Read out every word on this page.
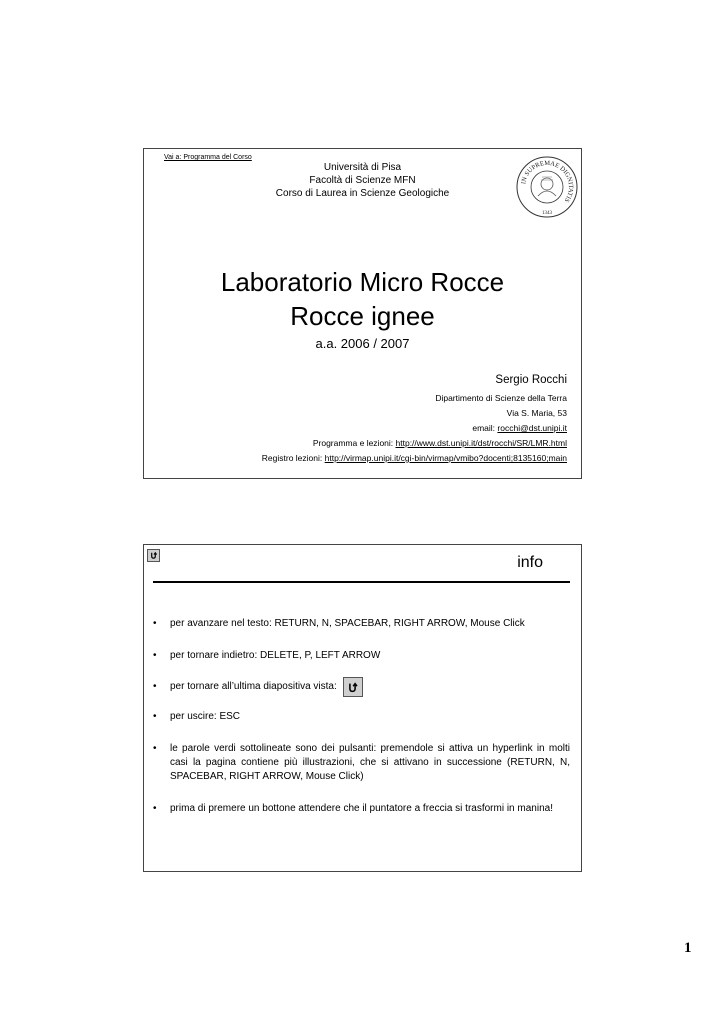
Vai a: Programma del Corso
Università di Pisa
Facoltà di Scienze MFN
Corso di Laurea in Scienze Geologiche
IN SUPREMAE DIGNITATIS
1343
Laboratorio Micro Rocce
Rocce ignee
a.a. 2006 / 2007
Sergio Rocchi
Dipartimento di Scienze della Terra
Via S. Maria, 53
email: rocchi@dst.unipi.it
Programma e lezioni: http://www.dst.unipi.it/dst/rocchi/SR/LMR.html
Registro lezioni: http://virmap.unipi.it/cgi-bin/virmap/vmibo?docenti;8135160;main
info
•	per avanzare nel testo: RETURN, N, SPACEBAR, RIGHT ARROW, Mouse Click
•	per tornare indietro: DELETE, P, LEFT ARROW
•	per tornare all’ultima diapositiva vista:
•	per uscire: ESC
•	le parole verdi sottolineate sono dei pulsanti: premendole si attiva un hyperlink in molti casi la pagina contiene più illustrazioni, che si attivano in successione (RETURN, N, SPACEBAR, RIGHT ARROW, Mouse Click)
•	prima di premere un bottone attendere che il puntatore a freccia si trasformi in manina!
1
